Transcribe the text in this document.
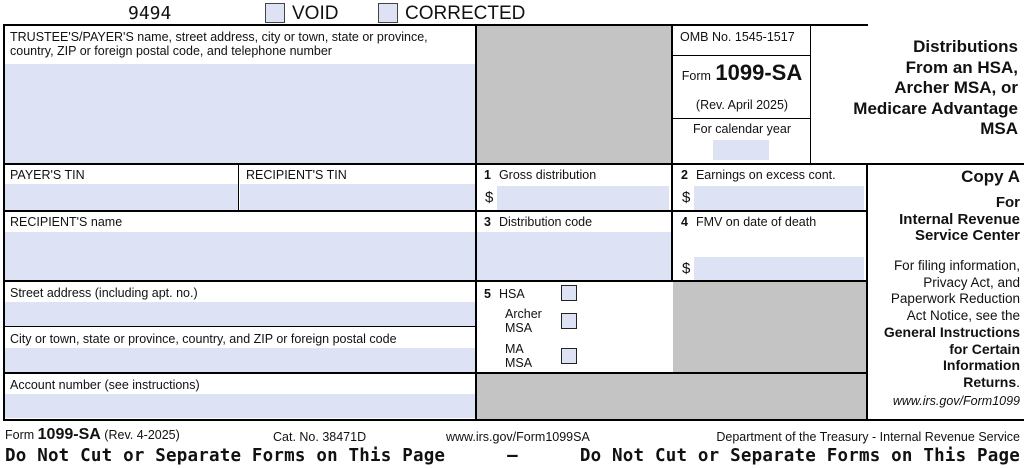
9494	VOID	CORRECTED
TRUSTEE'S/PAYER'S name, street address, city or town, state or province, country, ZIP or foreign postal code, and telephone number
PAYER'S TIN	RECIPIENT'S TIN
RECIPIENT'S name
Street address (including apt. no.)
City or town, state or province, country, and ZIP or foreign postal code
Account number (see instructions)
OMB No. 1545-1517
Form 1099-SA
(Rev. April 2025)
For calendar year
Distributions
From an HSA,
Archer MSA, or
Medicare Advantage
MSA
1 Gross distribution
$
2 Earnings on excess cont.
$
3 Distribution code	4 FMV on date of death
$
5 HSA
Archer
MSA
MA
MSA
Copy A
For
Internal Revenue
Service Center
For filing information,
Privacy Act, and
Paperwork Reduction
Act Notice, see the
General Instructions
for Certain
Information
Returns.
www.irs.gov/Form1099
Form 1099-SA (Rev. 4-2025)	Cat. No. 38471D	www.irs.gov/Form1099SA	Department of the Treasury - Internal Revenue Service
Do Not Cut or Separate Forms on This Page	—	Do Not Cut or Separate Forms on This Page
